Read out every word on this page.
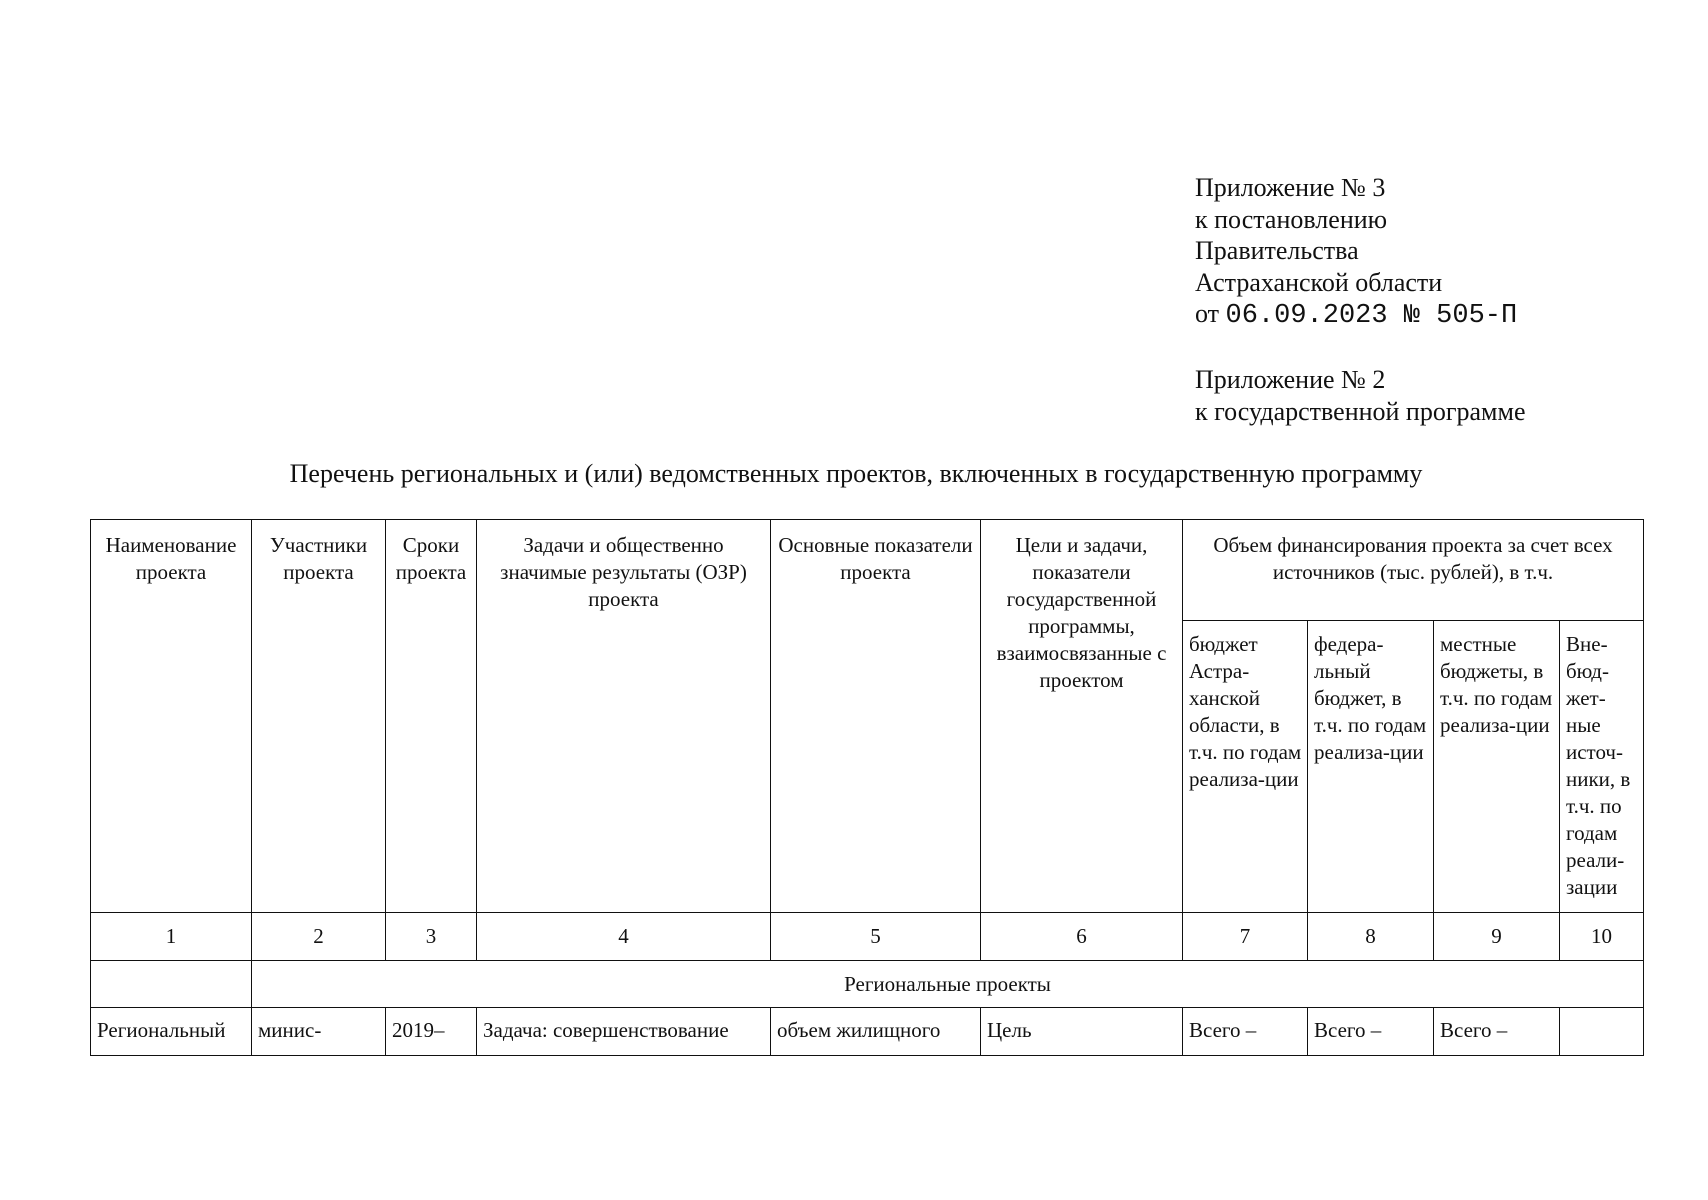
Приложение № 3
к постановлению
Правительства
Астраханской области
от 06.09.2023 № 505-П
Приложение № 2
к государственной программе
Перечень региональных и (или) ведомственных проектов, включенных в государственную программу
Наименование проекта	Участники проекта	Сроки проекта	Задачи и общественно значимые результаты (ОЗР) проекта	Основные показатели проекта	Цели и задачи, показатели государственной программы, взаимосвязанные с проектом	Объем финансирования проекта за счет всех источников (тыс. рублей), в т.ч.			
						бюджет Астра-ханской области, в т.ч. по годам реализа-ции	федера-льный бюджет, в т.ч. по годам реализа-ции	местные бюджеты, в т.ч. по годам реализа-ции	Вне-бюд-жет-ные источ-ники, в т.ч. по годам реали-зации
1	2	3	4	5	6	7	8	9	10
	Региональные проекты								
Региональный	минис-	2019–	Задача: совершенствование	объем жилищного	Цель	Всего –	Всего –	Всего –	
